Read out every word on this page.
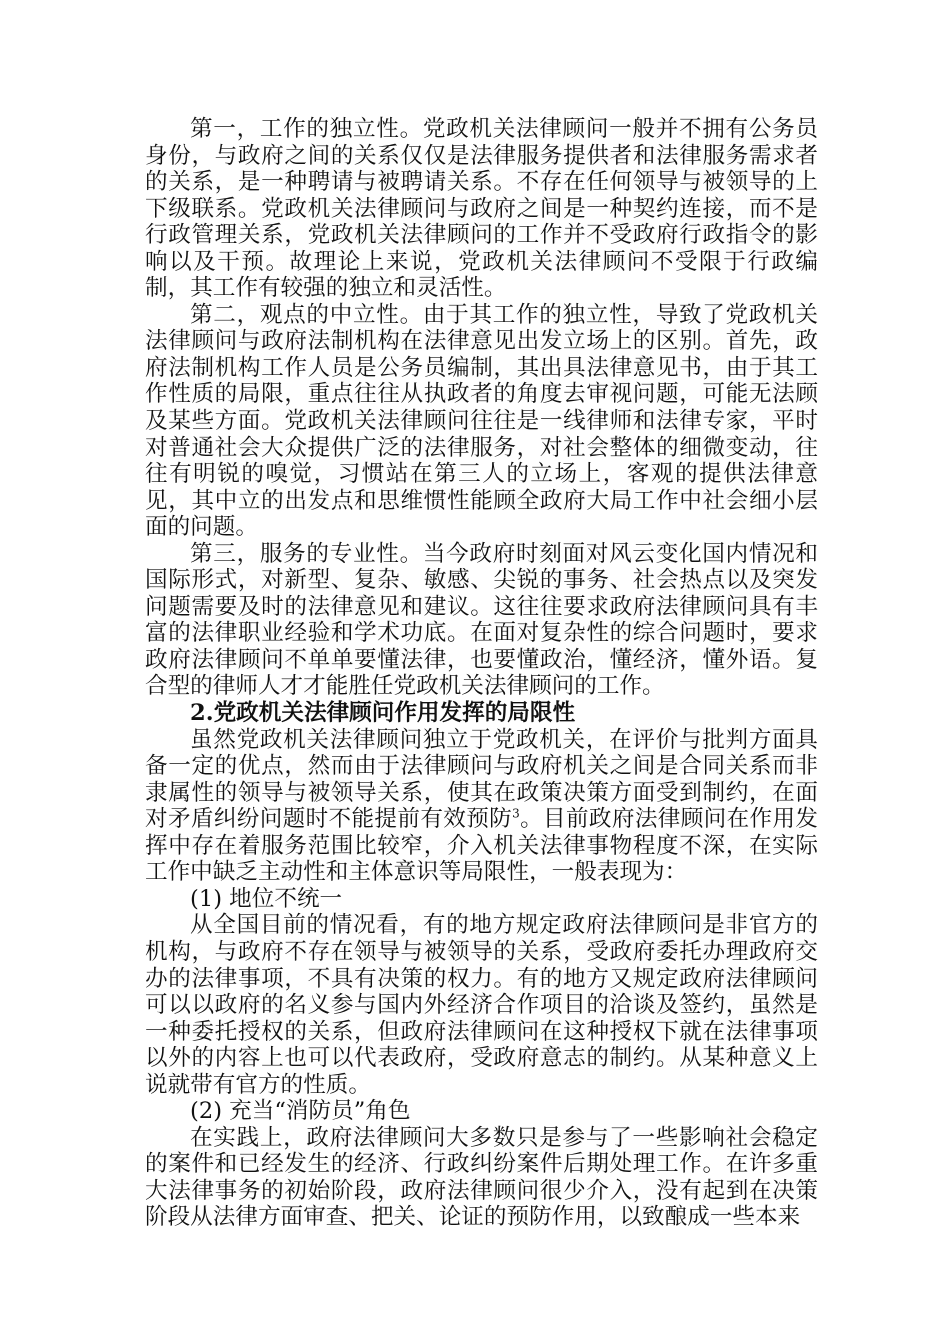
第一，工作的独立性。党政机关法律顾问一般并不拥有公务员身份，与政府之间的关系仅仅是法律服务提供者和法律服务需求者的关系，是一种聘请与被聘请关系。不存在任何领导与被领导的上下级联系。党政机关法律顾问与政府之间是一种契约连接，而不是行政管理关系，党政机关法律顾问的工作并不受政府行政指令的影响以及干预。故理论上来说，党政机关法律顾问不受限于行政编制，其工作有较强的独立和灵活性。

第二，观点的中立性。由于其工作的独立性，导致了党政机关法律顾问与政府法制机构在法律意见出发立场上的区别。首先，政府法制机构工作人员是公务员编制，其出具法律意见书，由于其工作性质的局限，重点往往从执政者的角度去审视问题，可能无法顾及某些方面。党政机关法律顾问往往是一线律师和法律专家，平时对普通社会大众提供广泛的法律服务，对社会整体的细微变动，往往有明锐的嗅觉，习惯站在第三人的立场上，客观的提供法律意见，其中立的出发点和思维惯性能顾全政府大局工作中社会细小层面的问题。

第三，服务的专业性。当今政府时刻面对风云变化国内情况和国际形式，对新型、复杂、敏感、尖锐的事务、社会热点以及突发问题需要及时的法律意见和建议。这往往要求政府法律顾问具有丰富的法律职业经验和学术功底。在面对复杂性的综合问题时，要求政府法律顾问不单单要懂法律，也要懂政治，懂经济，懂外语。复合型的律师人才才能胜任党政机关法律顾问的工作。

2.党政机关法律顾问作用发挥的局限性

虽然党政机关法律顾问独立于党政机关，在评价与批判方面具备一定的优点，然而由于法律顾问与政府机关之间是合同关系而非隶属性的领导与被领导关系，使其在政策决策方面受到制约，在面对矛盾纠纷问题时不能提前有效预防$^3$。目前政府法律顾问在作用发挥中存在着服务范围比较窄，介入机关法律事物程度不深，在实际工作中缺乏主动性和主体意识等局限性，一般表现为：

(1) 地位不统一

从全国目前的情况看，有的地方规定政府法律顾问是非官方的机构，与政府不存在领导与被领导的关系，受政府委托办理政府交办的法律事项，不具有决策的权力。有的地方又规定政府法律顾问可以以政府的名义参与国内外经济合作项目的洽谈及签约，虽然是一种委托授权的关系，但政府法律顾问在这种授权下就在法律事项以外的内容上也可以代表政府，受政府意志的制约。从某种意义上说就带有官方的性质。

(2) 充当“消防员”角色

在实践上，政府法律顾问大多数只是参与了一些影响社会稳定的案件和已经发生的经济、行政纠纷案件后期处理工作。在许多重大法律事务的初始阶段，政府法律顾问很少介入，没有起到在决策阶段从法律方面审查、把关、论证的预防作用，以致酿成一些本来
